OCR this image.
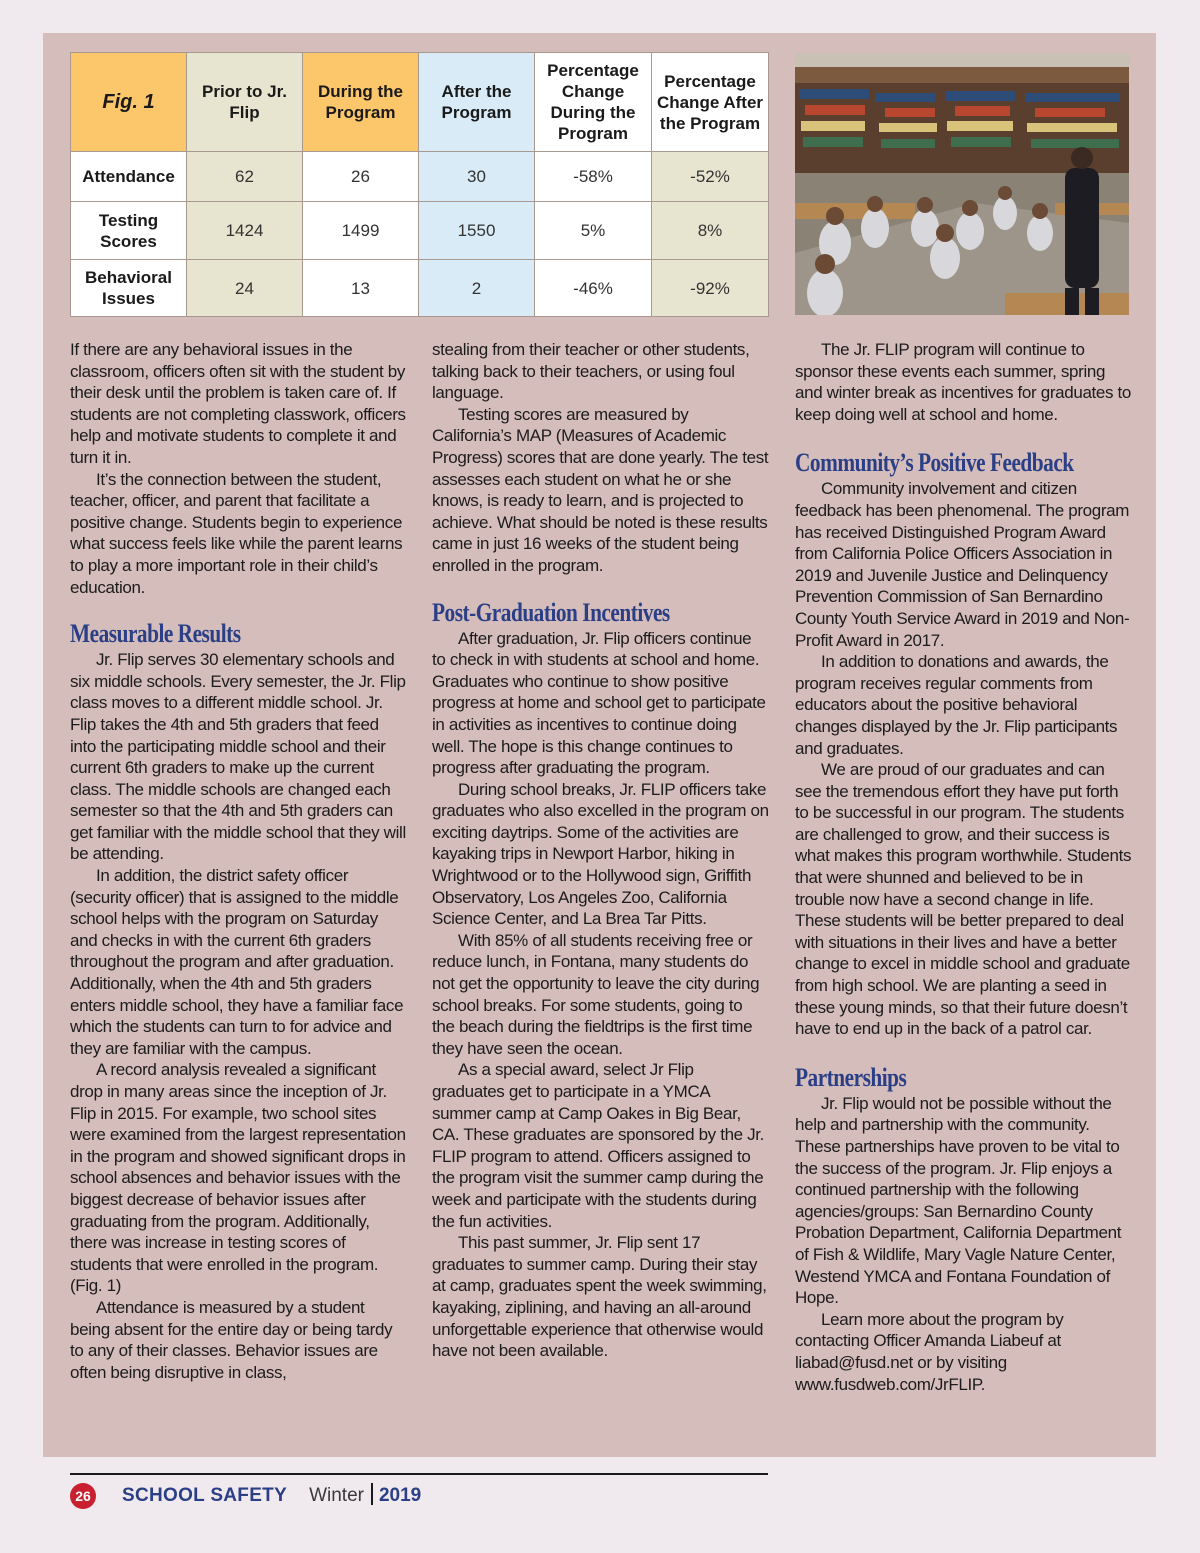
Fig. 1	Prior to Jr. Flip	During the Program	After the Program	Percentage Change During the Program	Percentage Change After the Program
Attendance	62	26	30	-58%	-52%
Testing Scores	1424	1499	1550	5%	8%
Behavioral Issues	24	13	2	-46%	-92%

If there are any behavioral issues in the classroom, officers often sit with the student by their desk until the problem is taken care of. If students are not completing classwork, officers help and motivate students to complete it and turn it in.

It’s the connection between the student, teacher, officer, and parent that facilitate a positive change. Students begin to experience what success feels like while the parent learns to play a more important role in their child’s education.

Measurable Results

Jr. Flip serves 30 elementary schools and six middle schools. Every semester, the Jr. Flip class moves to a different middle school. Jr. Flip takes the 4th and 5th graders that feed into the participating middle school and their current 6th graders to make up the current class. The middle schools are changed each semester so that the 4th and 5th graders can get familiar with the middle school that they will be attending.

In addition, the district safety officer (security officer) that is assigned to the middle school helps with the program on Saturday and checks in with the current 6th graders throughout the program and after graduation. Additionally, when the 4th and 5th graders enters middle school, they have a familiar face which the students can turn to for advice and they are familiar with the campus.

A record analysis revealed a significant drop in many areas since the inception of Jr. Flip in 2015. For example, two school sites were examined from the largest representation in the program and showed significant drops in school absences and behavior issues with the biggest decrease of behavior issues after graduating from the program. Additionally, there was increase in testing scores of students that were enrolled in the program. (Fig. 1)

Attendance is measured by a student being absent for the entire day or being tardy to any of their classes. Behavior issues are often being disruptive in class,

stealing from their teacher or other students, talking back to their teachers, or using foul language.

Testing scores are measured by California’s MAP (Measures of Academic Progress) scores that are done yearly. The test assesses each student on what he or she knows, is ready to learn, and is projected to achieve. What should be noted is these results came in just 16 weeks of the student being enrolled in the program.

Post-Graduation Incentives

After graduation, Jr. Flip officers continue to check in with students at school and home. Graduates who continue to show positive progress at home and school get to participate in activities as incentives to continue doing well. The hope is this change continues to progress after graduating the program.

During school breaks, Jr. FLIP officers take graduates who also excelled in the program on exciting daytrips. Some of the activities are kayaking trips in Newport Harbor, hiking in Wrightwood or to the Hollywood sign, Griffith Observatory, Los Angeles Zoo, California Science Center, and La Brea Tar Pitts.

With 85% of all students receiving free or reduce lunch, in Fontana, many students do not get the opportunity to leave the city during school breaks. For some students, going to the beach during the fieldtrips is the first time they have seen the ocean.

As a special award, select Jr Flip graduates get to participate in a YMCA summer camp at Camp Oakes in Big Bear, CA. These graduates are sponsored by the Jr. FLIP program to attend. Officers assigned to the program visit the summer camp during the week and participate with the students during the fun activities.

This past summer, Jr. Flip sent 17 graduates to summer camp. During their stay at camp, graduates spent the week swimming, kayaking, ziplining, and having an all-around unforgettable experience that otherwise would have not been available.

The Jr. FLIP program will continue to sponsor these events each summer, spring and winter break as incentives for graduates to keep doing well at school and home.

Community’s Positive Feedback

Community involvement and citizen feedback has been phenomenal. The program has received Distinguished Program Award from California Police Officers Association in 2019 and Juvenile Justice and Delinquency Prevention Commission of San Bernardino County Youth Service Award in 2019 and Non-Profit Award in 2017.

In addition to donations and awards, the program receives regular comments from educators about the positive behavioral changes displayed by the Jr. Flip participants and graduates.

We are proud of our graduates and can see the tremendous effort they have put forth to be successful in our program. The students are challenged to grow, and their success is what makes this program worthwhile. Students that were shunned and believed to be in trouble now have a second change in life. These students will be better prepared to deal with situations in their lives and have a better change to excel in middle school and graduate from high school. We are planting a seed in these young minds, so that their future doesn’t have to end up in the back of a patrol car.

Partnerships

Jr. Flip would not be possible without the help and partnership with the community. These partnerships have proven to be vital to the success of the program. Jr. Flip enjoys a continued partnership with the following agencies/groups: San Bernardino County Probation Department, California Department of Fish & Wildlife, Mary Vagle Nature Center, Westend YMCA and Fontana Foundation of Hope.

Learn more about the program by contacting Officer Amanda Liabeuf at liabad@fusd.net or by visiting www.fusdweb.com/JrFLIP.

26 SCHOOL SAFETY Winter 2019
